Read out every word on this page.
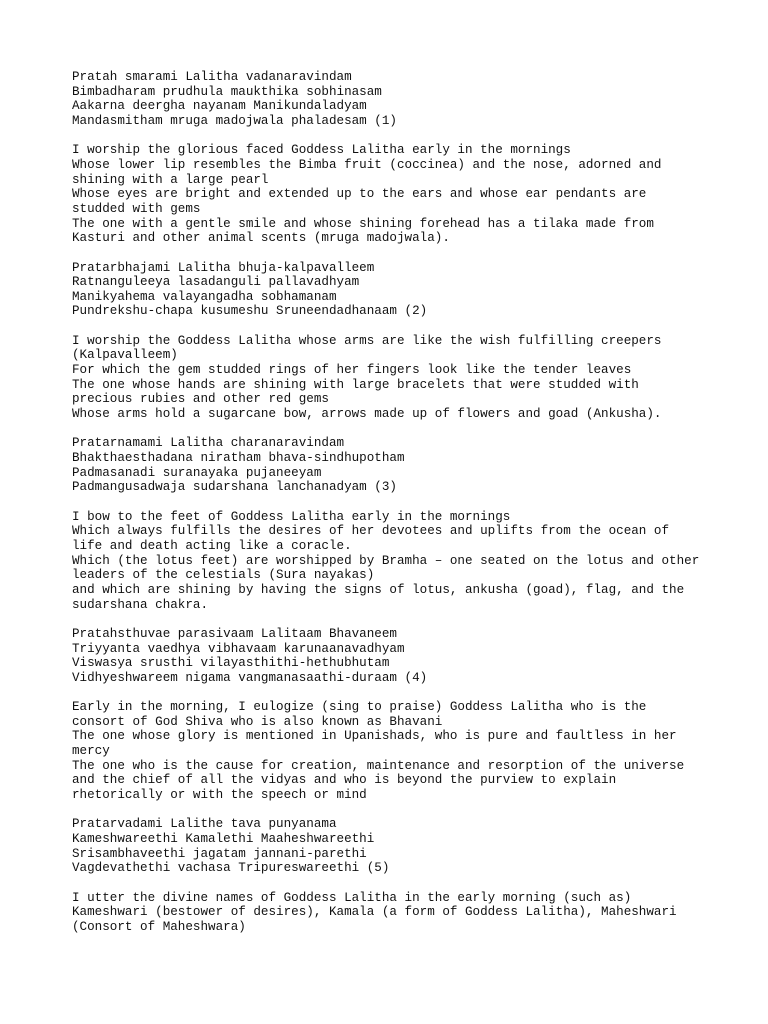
Pratah smarami Lalitha vadanaravindam
Bimbadharam prudhula maukthika sobhinasam
Aakarna deergha nayanam Manikundaladyam
Mandasmitham mruga madojwala phaladesam (1)
I worship the glorious faced Goddess Lalitha early in the mornings
Whose lower lip resembles the Bimba fruit (coccinea) and the nose, adorned and
shining with a large pearl
Whose eyes are bright and extended up to the ears and whose ear pendants are
studded with gems
The one with a gentle smile and whose shining forehead has a tilaka made from
Kasturi and other animal scents (mruga madojwala).
Pratarbhajami Lalitha bhuja-kalpavalleem
Ratnanguleeya lasadanguli pallavadhyam
Manikyahema valayangadha sobhamanam
Pundrekshu-chapa kusumeshu Sruneendadhanaam (2)
I worship the Goddess Lalitha whose arms are like the wish fulfilling creepers
(Kalpavalleem)
For which the gem studded rings of her fingers look like the tender leaves
The one whose hands are shining with large bracelets that were studded with
precious rubies and other red gems
Whose arms hold a sugarcane bow, arrows made up of flowers and goad (Ankusha).
Pratarnamami Lalitha charanaravindam
Bhakthaesthadana niratham bhava-sindhupotham
Padmasanadi suranayaka pujaneeyam
Padmangusadwaja sudarshana lanchanadyam (3)
I bow to the feet of Goddess Lalitha early in the mornings
Which always fulfills the desires of her devotees and uplifts from the ocean of
life and death acting like a coracle.
Which (the lotus feet) are worshipped by Bramha – one seated on the lotus and other
leaders of the celestials (Sura nayakas)
and which are shining by having the signs of lotus, ankusha (goad), flag, and the
sudarshana chakra.
Pratahsthuvae parasivaam Lalitaam Bhavaneem
Triyyanta vaedhya vibhavaam karunaanavadhyam
Viswasya srusthi vilayasthithi-hethubhutam
Vidhyeshwareem nigama vangmanasaathi-duraam (4)
Early in the morning, I eulogize (sing to praise) Goddess Lalitha who is the
consort of God Shiva who is also known as Bhavani
The one whose glory is mentioned in Upanishads, who is pure and faultless in her
mercy
The one who is the cause for creation, maintenance and resorption of the universe
and the chief of all the vidyas and who is beyond the purview to explain
rhetorically or with the speech or mind
Pratarvadami Lalithe tava punyanama
Kameshwareethi Kamalethi Maaheshwareethi
Srisambhaveethi jagatam jannani-parethi
Vagdevathethi vachasa Tripureswareethi (5)
I utter the divine names of Goddess Lalitha in the early morning (such as)
Kameshwari (bestower of desires), Kamala (a form of Goddess Lalitha), Maheshwari
(Consort of Maheshwara)
